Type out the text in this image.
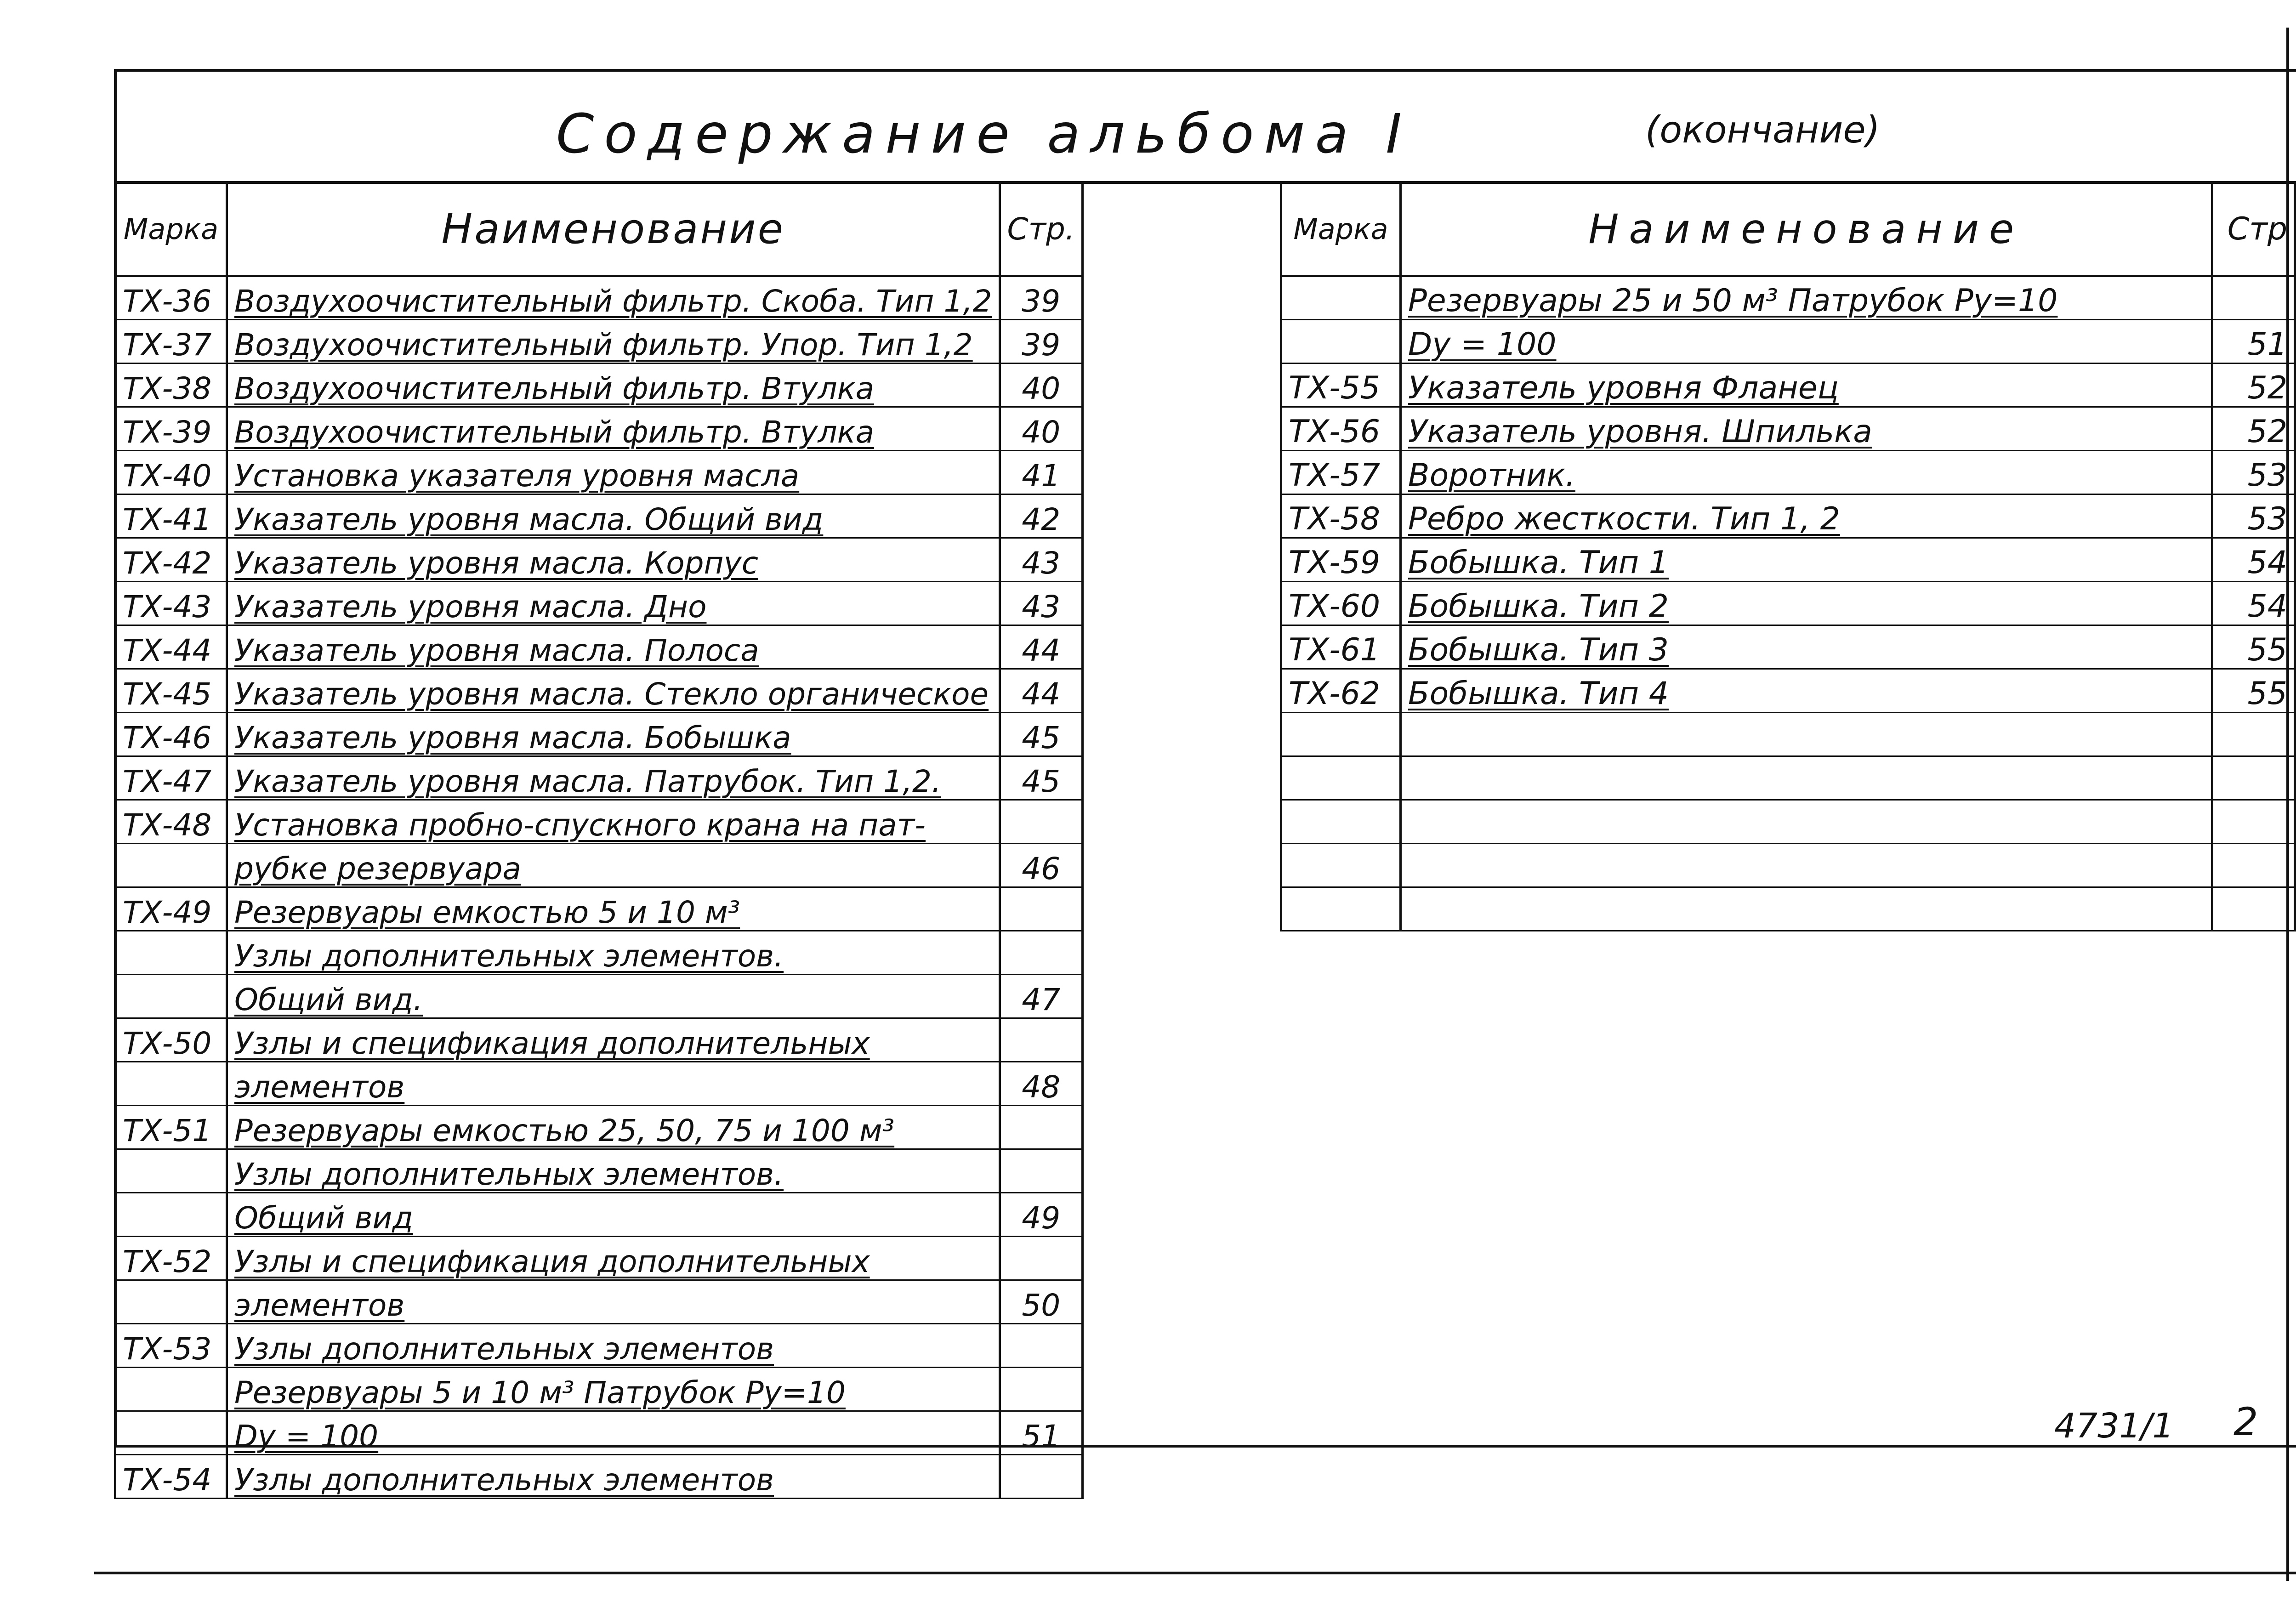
Содержание альбома I	(окончание)
Марка	Наименование	Стр.
ТХ-36	Воздухоочистительный фильтр. Скоба. Тип 1,2	39
ТХ-37	Воздухоочистительный фильтр. Упор. Тип 1,2	39
ТХ-38	Воздухоочистительный фильтр. Втулка	40
ТХ-39	Воздухоочистительный фильтр. Втулка	40
ТХ-40	Установка указателя уровня масла	41
ТХ-41	Указатель уровня масла. Общий вид	42
ТХ-42	Указатель уровня масла. Корпус	43
ТХ-43	Указатель уровня масла. Дно	43
ТХ-44	Указатель уровня масла. Полоса	44
ТХ-45	Указатель уровня масла. Стекло органическое	44
ТХ-46	Указатель уровня масла. Бобышка	45
ТХ-47	Указатель уровня масла. Патрубок. Тип 1,2.	45
ТХ-48	Установка пробно-спускного крана на пат-	
	рубке резервуара	46
ТХ-49	Резервуары емкостью 5 и 10 м³	
	Узлы дополнительных элементов.	
	Общий вид.	47
ТХ-50	Узлы и спецификация дополнительных	
	элементов	48
ТХ-51	Резервуары емкостью 25, 50, 75 и 100 м³	
	Узлы дополнительных элементов.	
	Общий вид	49
ТХ-52	Узлы и спецификация дополнительных	
	элементов	50
ТХ-53	Узлы дополнительных элементов	
	Резервуары 5 и 10 м³ Патрубок Ру=10	
	Dу = 100	51
ТХ-54	Узлы дополнительных элементов	
Марка	Наименование	Стр
	Резервуары 25 и 50 м³ Патрубок Ру=10	
	Dу = 100	51
ТХ-55	Указатель уровня Фланец	52
ТХ-56	Указатель уровня. Шпилька	52
ТХ-57	Воротник.	53
ТХ-58	Ребро жесткости. Тип 1, 2	53
ТХ-59	Бобышка. Тип 1	54
ТХ-60	Бобышка. Тип 2	54
ТХ-61	Бобышка. Тип 3	55
ТХ-62	Бобышка. Тип 4	55

4731/1 2
